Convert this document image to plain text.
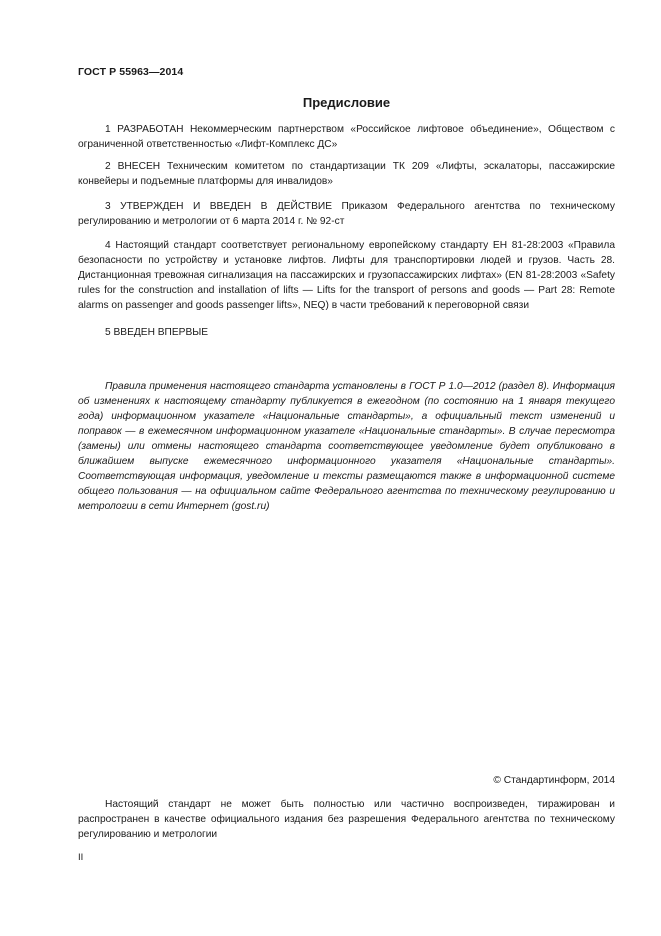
ГОСТ Р 55963—2014
Предисловие

1 РАЗРАБОТАН Некоммерческим партнерством «Российское лифтовое объединение», Обществом с ограниченной ответственностью «Лифт-Комплекс ДС»

2 ВНЕСЕН Техническим комитетом по стандартизации ТК 209 «Лифты, эскалаторы, пассажирские конвейеры и подъемные платформы для инвалидов»

3 УТВЕРЖДЕН И ВВЕДЕН В ДЕЙСТВИЕ Приказом Федерального агентства по техническому регулированию и метрологии от 6 марта 2014 г. № 92-ст

4 Настоящий стандарт соответствует региональному европейскому стандарту ЕН 81-28:2003 «Правила безопасности по устройству и установке лифтов. Лифты для транспортировки людей и грузов. Часть 28. Дистанционная тревожная сигнализация на пассажирских и грузопассажирских лифтах» (EN 81-28:2003 «Safety rules for the construction and installation of lifts — Lifts for the transport of persons and goods — Part 28: Remote alarms on passenger and goods passenger lifts», NEQ) в части требований к переговорной связи

5 ВВЕДЕН ВПЕРВЫЕ

Правила применения настоящего стандарта установлены в ГОСТ Р 1.0—2012 (раздел 8). Информация об изменениях к настоящему стандарту публикуется в ежегодном (по состоянию на 1 января текущего года) информационном указателе «Национальные стандарты», а официальный текст изменений и поправок — в ежемесячном информационном указателе «Национальные стандарты». В случае пересмотра (замены) или отмены настоящего стандарта соответствующее уведомление будет опубликовано в ближайшем выпуске ежемесячного информационного указателя «Национальные стандарты». Соответствующая информация, уведомление и тексты размещаются также в информационной системе общего пользования — на официальном сайте Федерального агентства по техническому регулированию и метрологии в сети Интернет (gost.ru)

© Стандартинформ, 2014

Настоящий стандарт не может быть полностью или частично воспроизведен, тиражирован и распространен в качестве официального издания без разрешения Федерального агентства по техническому регулированию и метрологии

II
